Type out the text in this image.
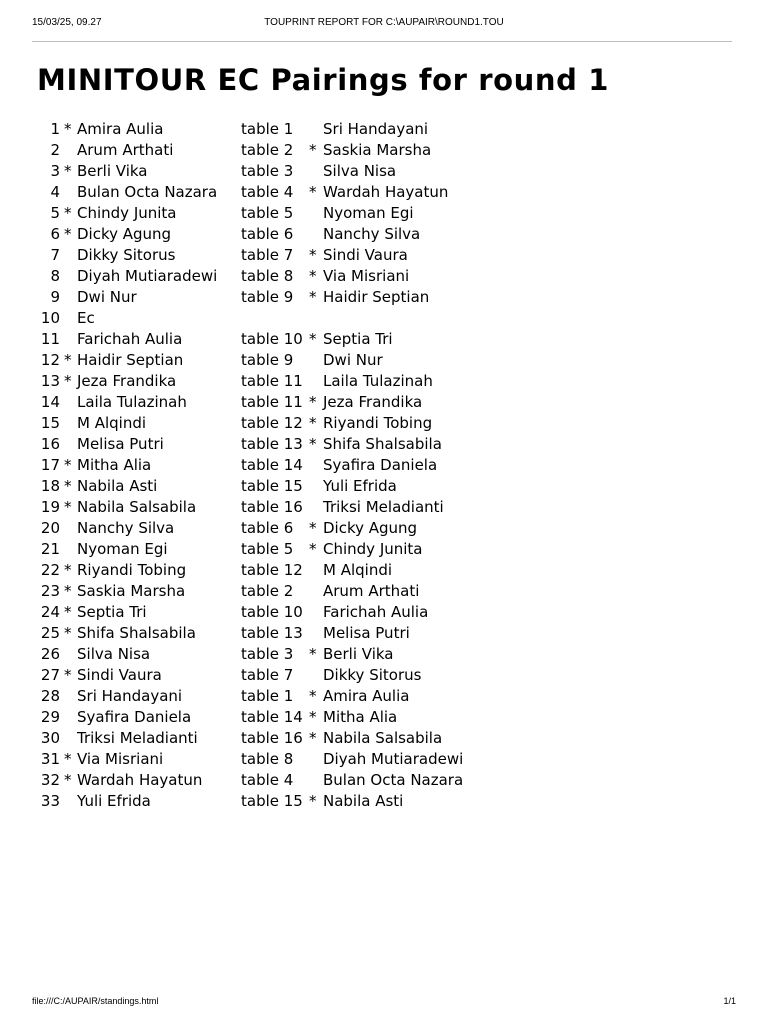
15/03/25, 09.27	TOUPRINT REPORT FOR C:\AUPAIR\ROUND1.TOU
MINITOUR EC Pairings for round 1
1 * Amira Aulia	table 1 Sri Handayani
2 Arum Arthati	table 2 * Saskia Marsha
3 * Berli Vika	table 3 Silva Nisa
4 Bulan Octa Nazara table 4 * Wardah Hayatun
5 * Chindy Junita	table 5 Nyoman Egi
6 * Dicky Agung	table 6 Nanchy Silva
7 Dikky Sitorus	table 7 * Sindi Vaura
8 Diyah Mutiaradewi table 8 * Via Misriani
9 Dwi Nur	table 9 * Haidir Septian
10 Ec
11 Farichah Aulia	table 10 * Septia Tri
12 * Haidir Septian	table 9 Dwi Nur
13 * Jeza Frandika	table 11 Laila Tulazinah
14 Laila Tulazinah	table 11 * Jeza Frandika
15 M Alqindi	table 12 * Riyandi Tobing
16 Melisa Putri	table 13 * Shifa Shalsabila
17 * Mitha Alia	table 14 Syafira Daniela
18 * Nabila Asti	table 15 Yuli Efrida
19 * Nabila Salsabila	table 16 Triksi Meladianti
20 Nanchy Silva	table 6 * Dicky Agung
21 Nyoman Egi	table 5 * Chindy Junita
22 * Riyandi Tobing	table 12 M Alqindi
23 * Saskia Marsha	table 2 Arum Arthati
24 * Septia Tri	table 10 Farichah Aulia
25 * Shifa Shalsabila	table 13 Melisa Putri
26 Silva Nisa	table 3 * Berli Vika
27 * Sindi Vaura	table 7 Dikky Sitorus
28 Sri Handayani	table 1 * Amira Aulia
29 Syafira Daniela	table 14 * Mitha Alia
30 Triksi Meladianti	table 16 * Nabila Salsabila
31 * Via Misriani	table 8 Diyah Mutiaradewi
32 * Wardah Hayatun	table 4 Bulan Octa Nazara
33 Yuli Efrida	table 15 * Nabila Asti
file:///C:/AUPAIR/standings.html	1/1
